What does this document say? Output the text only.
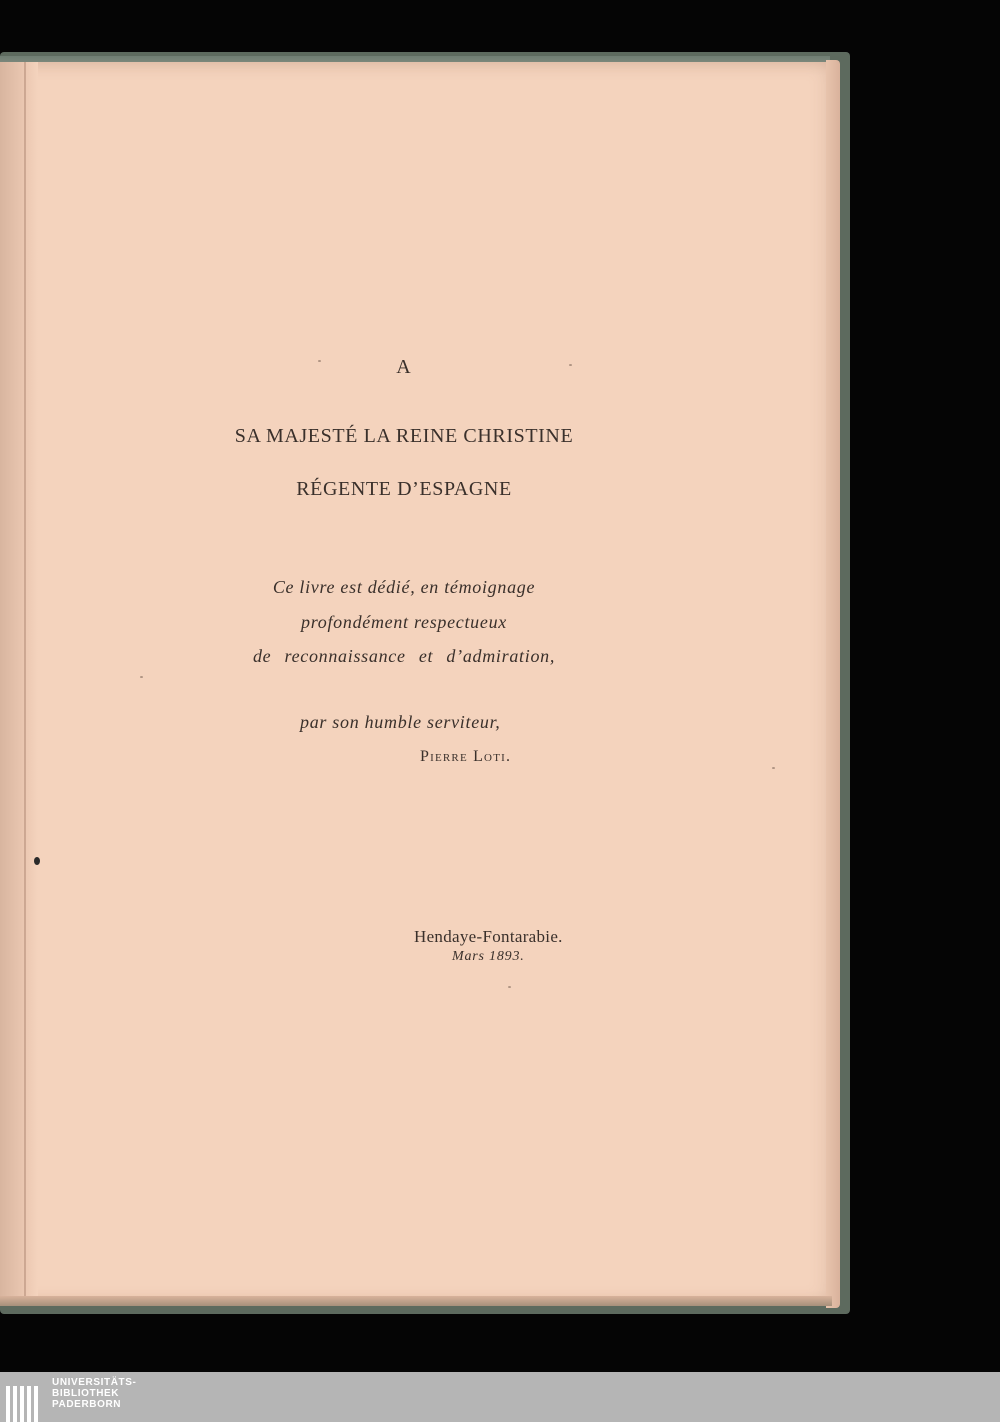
A
SA MAJESTÉ LA REINE CHRISTINE
RÉGENTE D’ESPAGNE
Ce livre est dédié, en témoignage
profondément respectueux
de reconnaissance et d’admiration,
par son humble serviteur,
Pierre Loti.
Hendaye-Fontarabie.
Mars 1893.
UNIVERSITÄTS-
BIBLIOTHEK
PADERBORN
